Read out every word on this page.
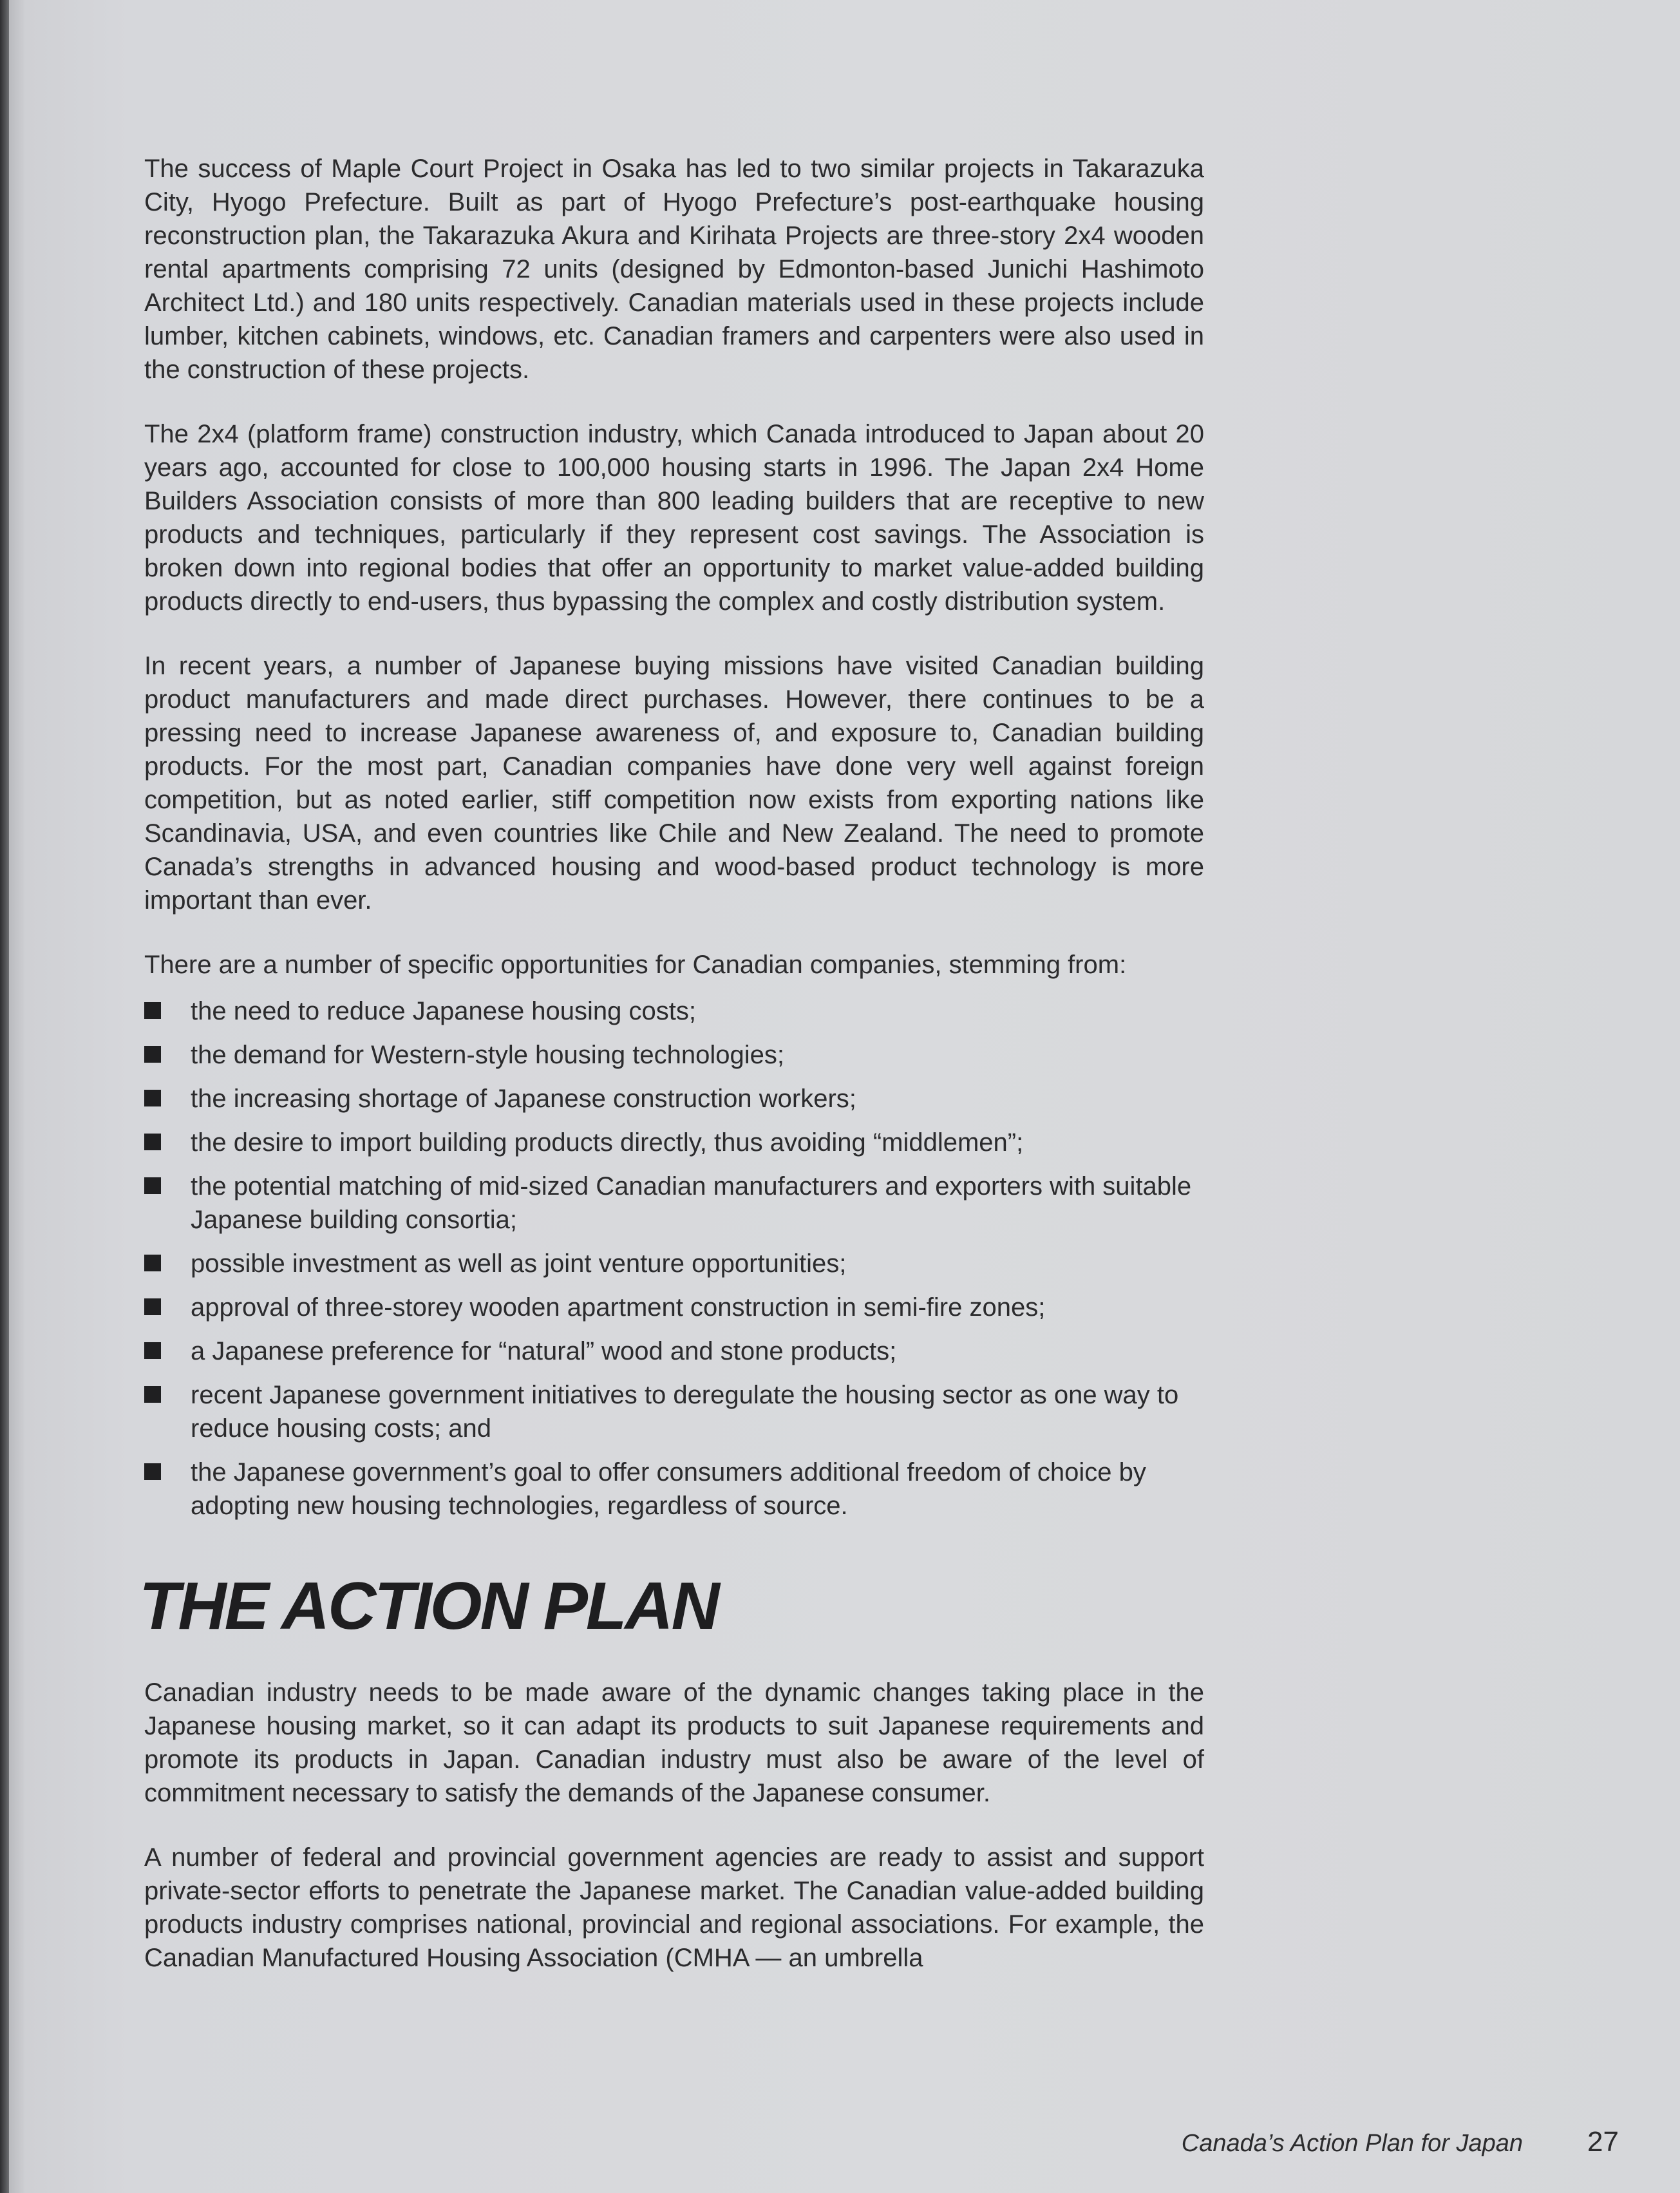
The success of Maple Court Project in Osaka has led to two similar projects in Takarazuka City, Hyogo Prefecture. Built as part of Hyogo Prefecture’s post-earthquake housing reconstruction plan, the Takarazuka Akura and Kirihata Projects are three-story 2x4 wooden rental apartments comprising 72 units (designed by Edmonton-based Junichi Hashimoto Architect Ltd.) and 180 units respectively. Canadian materials used in these projects include lumber, kitchen cabinets, windows, etc. Canadian framers and carpenters were also used in the construction of these projects.

The 2x4 (platform frame) construction industry, which Canada introduced to Japan about 20 years ago, accounted for close to 100,000 housing starts in 1996. The Japan 2x4 Home Builders Association consists of more than 800 leading builders that are receptive to new products and techniques, particularly if they represent cost savings. The Association is broken down into regional bodies that offer an opportunity to market value-added building products directly to end-users, thus bypassing the complex and costly distribution system.

In recent years, a number of Japanese buying missions have visited Canadian building product manufacturers and made direct purchases. However, there continues to be a pressing need to increase Japanese awareness of, and exposure to, Canadian building products. For the most part, Canadian companies have done very well against foreign competition, but as noted earlier, stiff competition now exists from exporting nations like Scandinavia, USA, and even countries like Chile and New Zealand. The need to promote Canada’s strengths in advanced housing and wood-based product technology is more important than ever.

There are a number of specific opportunities for Canadian companies, stemming from:

the need to reduce Japanese housing costs;
the demand for Western-style housing technologies;
the increasing shortage of Japanese construction workers;
the desire to import building products directly, thus avoiding “middlemen”;
the potential matching of mid-sized Canadian manufacturers and exporters with suitable Japanese building consortia;
possible investment as well as joint venture opportunities;
approval of three-storey wooden apartment construction in semi-fire zones;
a Japanese preference for “natural” wood and stone products;
recent Japanese government initiatives to deregulate the housing sector as one way to reduce housing costs; and
the Japanese government’s goal to offer consumers additional freedom of choice by adopting new housing technologies, regardless of source.
THE ACTION PLAN

Canadian industry needs to be made aware of the dynamic changes taking place in the Japanese housing market, so it can adapt its products to suit Japanese requirements and promote its products in Japan. Canadian industry must also be aware of the level of commitment necessary to satisfy the demands of the Japanese consumer.

A number of federal and provincial government agencies are ready to assist and support private-sector efforts to penetrate the Japanese market. The Canadian value-added building products industry comprises national, provincial and regional associations. For example, the Canadian Manufactured Housing Association (CMHA — an umbrella

Canada’s Action Plan for Japan 27
